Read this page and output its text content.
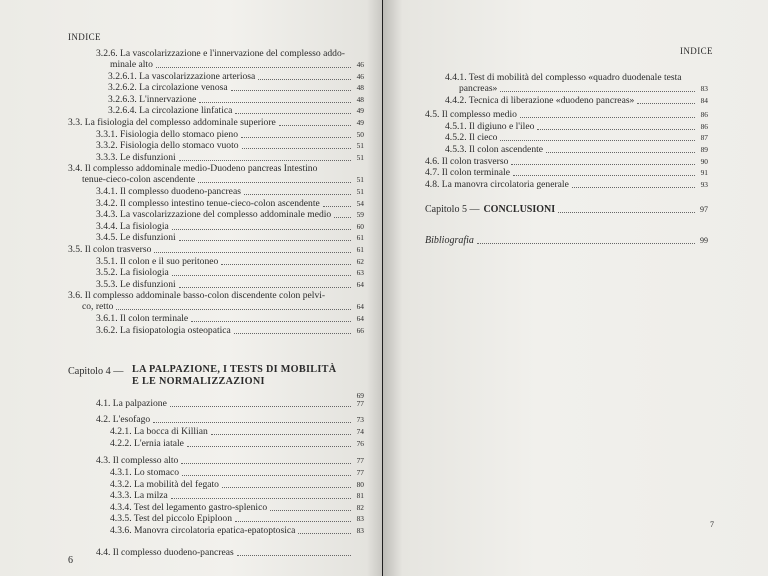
INDICE
3.2.6. La vascolarizzazione e l'innervazione del complesso addo-
minale alto	46
3.2.6.1. La vascolarizzazione arteriosa	46
3.2.6.2. La circolazione venosa	48
3.2.6.3. L'innervazione	48
3.2.6.4. La circolazione linfatica	49
3.3. La fisiologia del complesso addominale superiore	49
3.3.1. Fisiologia dello stomaco pieno	50
3.3.2. Fisiologia dello stomaco vuoto	51
3.3.3. Le disfunzioni	51
3.4. Il complesso addominale medio-Duodeno pancreas Intestino
tenue-cieco-colon ascendente	51
3.4.1. Il complesso duodeno-pancreas	51
3.4.2. Il complesso intestino tenue-cieco-colon ascendente	54
3.4.3. La vascolarizzazione del complesso addominale medio	59
3.4.4. La fisiologia	60
3.4.5. Le disfunzioni	61
3.5. Il colon trasverso	61
3.5.1. Il colon e il suo peritoneo	62
3.5.2. La fisiologia	63
3.5.3. Le disfunzioni	64
3.6. Il complesso addominale basso-colon discendente colon pelvi-
co, retto	64
3.6.1. Il colon terminale	64
3.6.2. La fisiopatologia osteopatica	66
Capitolo 4 — LA PALPAZIONE, I TESTS DI MOBILITÀ
E LE NORMALIZZAZIONI
69
4.1. La palpazione	77
4.2. L'esofago	73
4.2.1. La bocca di Killian	74
4.2.2. L'ernia iatale	76
4.3. Il complesso alto	77
4.3.1. Lo stomaco	77
4.3.2. La mobilità del fegato	80
4.3.3. La milza	81
4.3.4. Test del legamento gastro-splenico	82
4.3.5. Test del piccolo Epiploon	83
4.3.6. Manovra circolatoria epatica-epatoptosica	83
4.4. Il complesso duodeno-pancreas
6
INDICE
4.4.1. Test di mobilità del complesso «quadro duodenale testa
pancreas»	83
4.4.2. Tecnica di liberazione «duodeno pancreas»	84
4.5. Il complesso medio	86
4.5.1. Il digiuno e l'ileo	86
4.5.2. Il cieco	87
4.5.3. Il colon ascendente	89
4.6. Il colon trasverso	90
4.7. Il colon terminale	91
4.8. La manovra circolatoria generale	93
Capitolo 5 — CONCLUSIONI	97
Bibliografia	99
7
